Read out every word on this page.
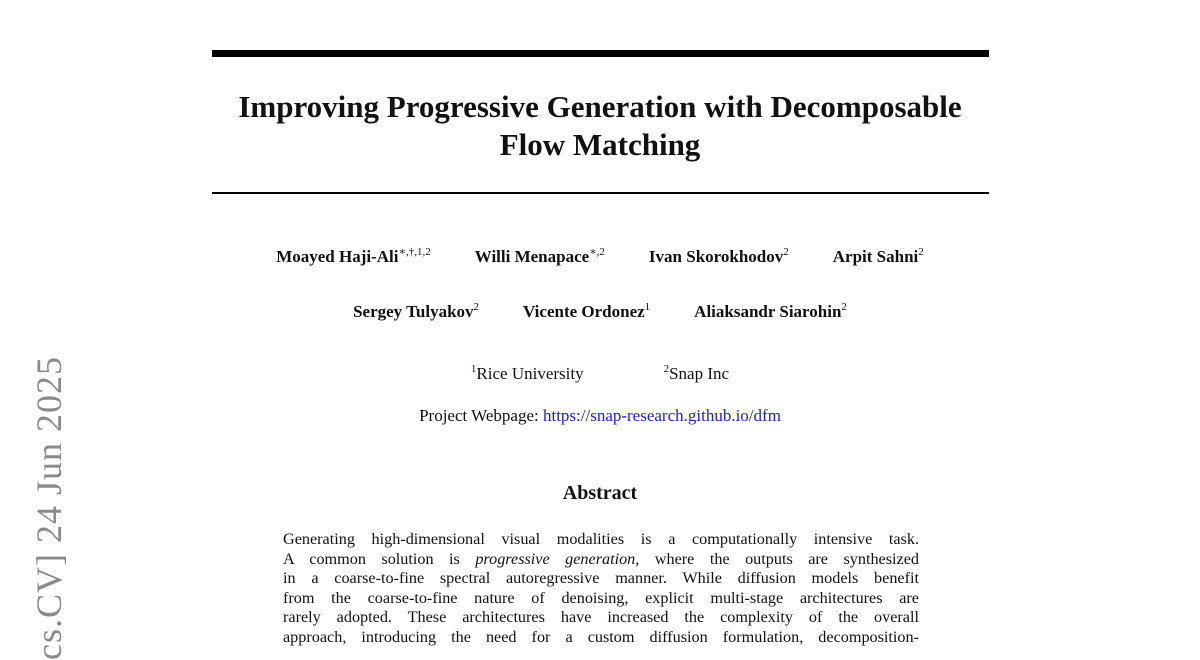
Improving Progressive Generation with Decomposable
Flow Matching
Moayed Haji-Ali$^{∗,\dagger,1,2}$	Willi Menapace$^{∗,2}$	Ivan Skorokhodov$^2$	Arpit Sahni$^2$
Sergey Tulyakov$^2$	Vicente Ordonez$^1$	Aliaksandr Siarohin$^2$
$^1$Rice University	$^2$Snap Inc
Project Webpage: https://snap-research.github.io/dfm
Abstract

Generating high-dimensional visual modalities is a computationally intensive task.
A common solution is progressive generation, where the outputs are synthesized
in a coarse-to-fine spectral autoregressive manner. While diffusion models benefit
from the coarse-to-fine nature of denoising, explicit multi-stage architectures are
rarely adopted. These architectures have increased the complexity of the overall
approach, introducing the need for a custom diffusion formulation, decomposition-

cs.CV] 24 Jun 2025
